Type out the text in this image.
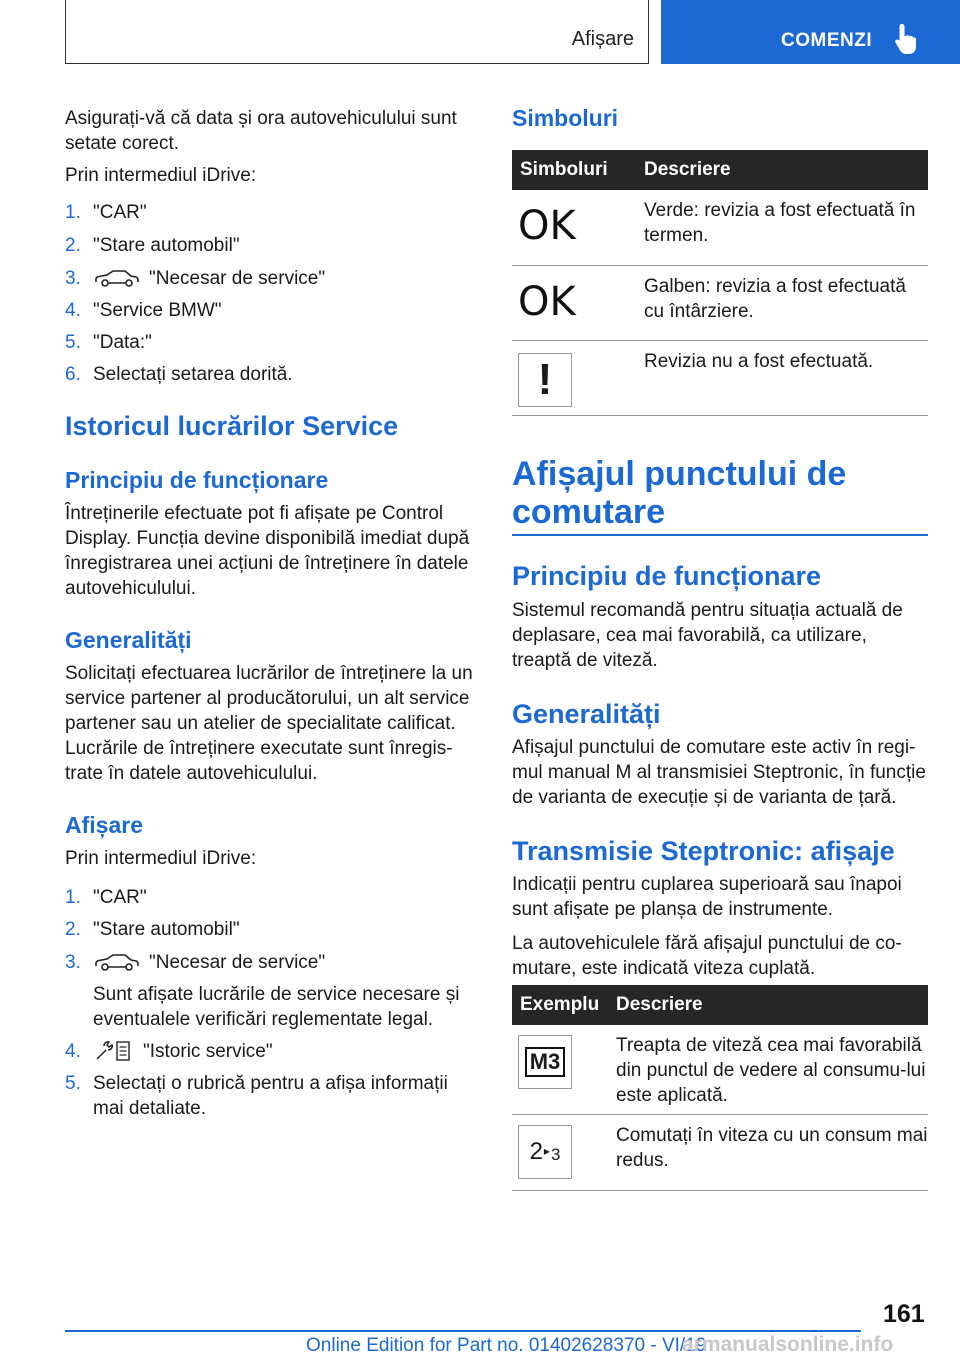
Afișare	COMENZI

Asigurați-vă că data și ora autovehiculului sunt setate corect.

Prin intermediul iDrive:

1. "CAR"
2. "Stare automobil"
3.	"Necesar de service"
4. "Service BMW"
5. "Data:"
6. Selectați setarea dorită.
Istoricul lucrărilor Service
Principiu de funcționare

Întreținerile efectuate pot fi afișate pe Control Display. Funcția devine disponibilă imediat după înregistrarea unei acțiuni de întreținere în datele autovehiculului.

Generalități

Solicitați efectuarea lucrărilor de întreținere la un service partener al producătorului, un alt service partener sau un atelier de specialitate calificat. Lucrările de întreținere executate sunt înregis‐trate în datele autovehiculului.

Afișare

Prin intermediul iDrive:

1. "CAR"
2. "Stare automobil"
3.	"Necesar de service"

Sunt afișate lucrările de service necesare și

eventualele verificări reglementate legal.

4.	"Istoric service"
5. Selectați o rubrică pentru a afișa informații

mai detaliate.

Simboluri
Simboluri	Descriere

OK	Verde: revizia a fost efectuată în termen.

OK	Galben: revizia a fost efectuată cu întârziere.

!	Revizia nu a fost efectuată.
Afișajul punctului de comutare
Principiu de funcționare

Sistemul recomandă pentru situația actuală de deplasare, cea mai favorabilă, ca utilizare, treaptă de viteză.

Generalități

Afișajul punctului de comutare este activ în regi‐mul manual M al transmisiei Steptronic, în funcție de varianta de execuție și de varianta de țară.

Transmisie Steptronic: afișaje

Indicații pentru cuplarea superioară sau înapoi sunt afișate pe planșa de instrumente.

La autovehiculele fără afișajul punctului de co‐mutare, este indicată viteza cuplată.

Exemplu	Descriere

M3	Treapta de viteză cea mai favorabilă din punctul de vedere al consumu‐lui este aplicată.

2 ▸ 3	Comutați în viteza cu un consum mai redus.
161
Online Edition for Part no. 01402628370 - VI/19
armanualsonline.info
